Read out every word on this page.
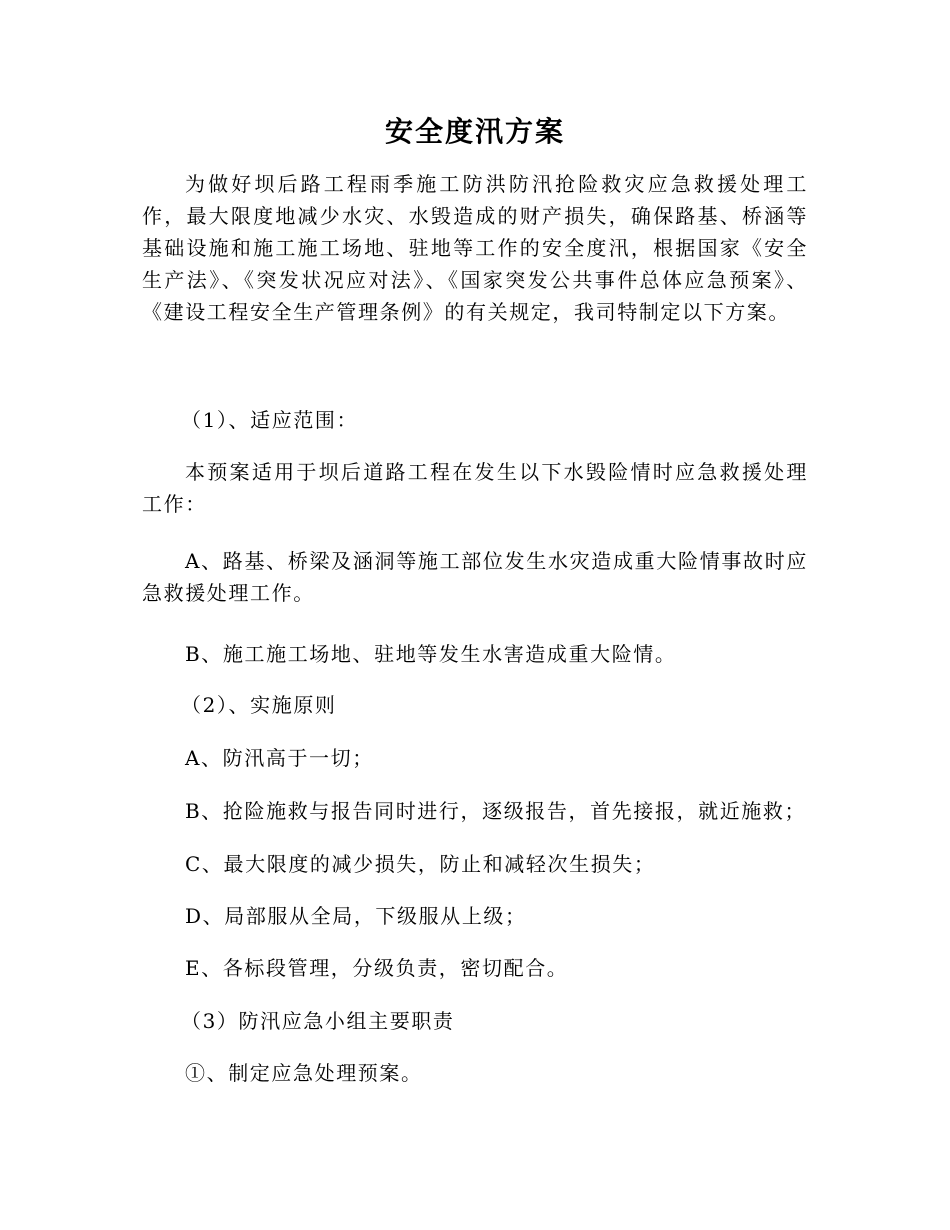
安全度汛方案
为做好坝后路工程雨季施工防洪防汛抢险救灾应急救援处理工作，最大限度地减少水灾、水毁造成的财产损失，确保路基、桥涵等基础设施和施工施工场地、驻地等工作的安全度汛，根据国家《安全生产法》、《突发状况应对法》、《国家突发公共事件总体应急预案》、《建设工程安全生产管理条例》的有关规定，我司特制定以下方案。
（1）、适应范围：
本预案适用于坝后道路工程在发生以下水毁险情时应急救援处理工作：
A、路基、桥梁及涵洞等施工部位发生水灾造成重大险情事故时应急救援处理工作。
B、施工施工场地、驻地等发生水害造成重大险情。
（2）、实施原则
A、防汛高于一切；
B、抢险施救与报告同时进行，逐级报告，首先接报，就近施救；
C、最大限度的减少损失，防止和减轻次生损失；
D、局部服从全局，下级服从上级；
E、各标段管理，分级负责，密切配合。
（3）防汛应急小组主要职责
①、制定应急处理预案。
